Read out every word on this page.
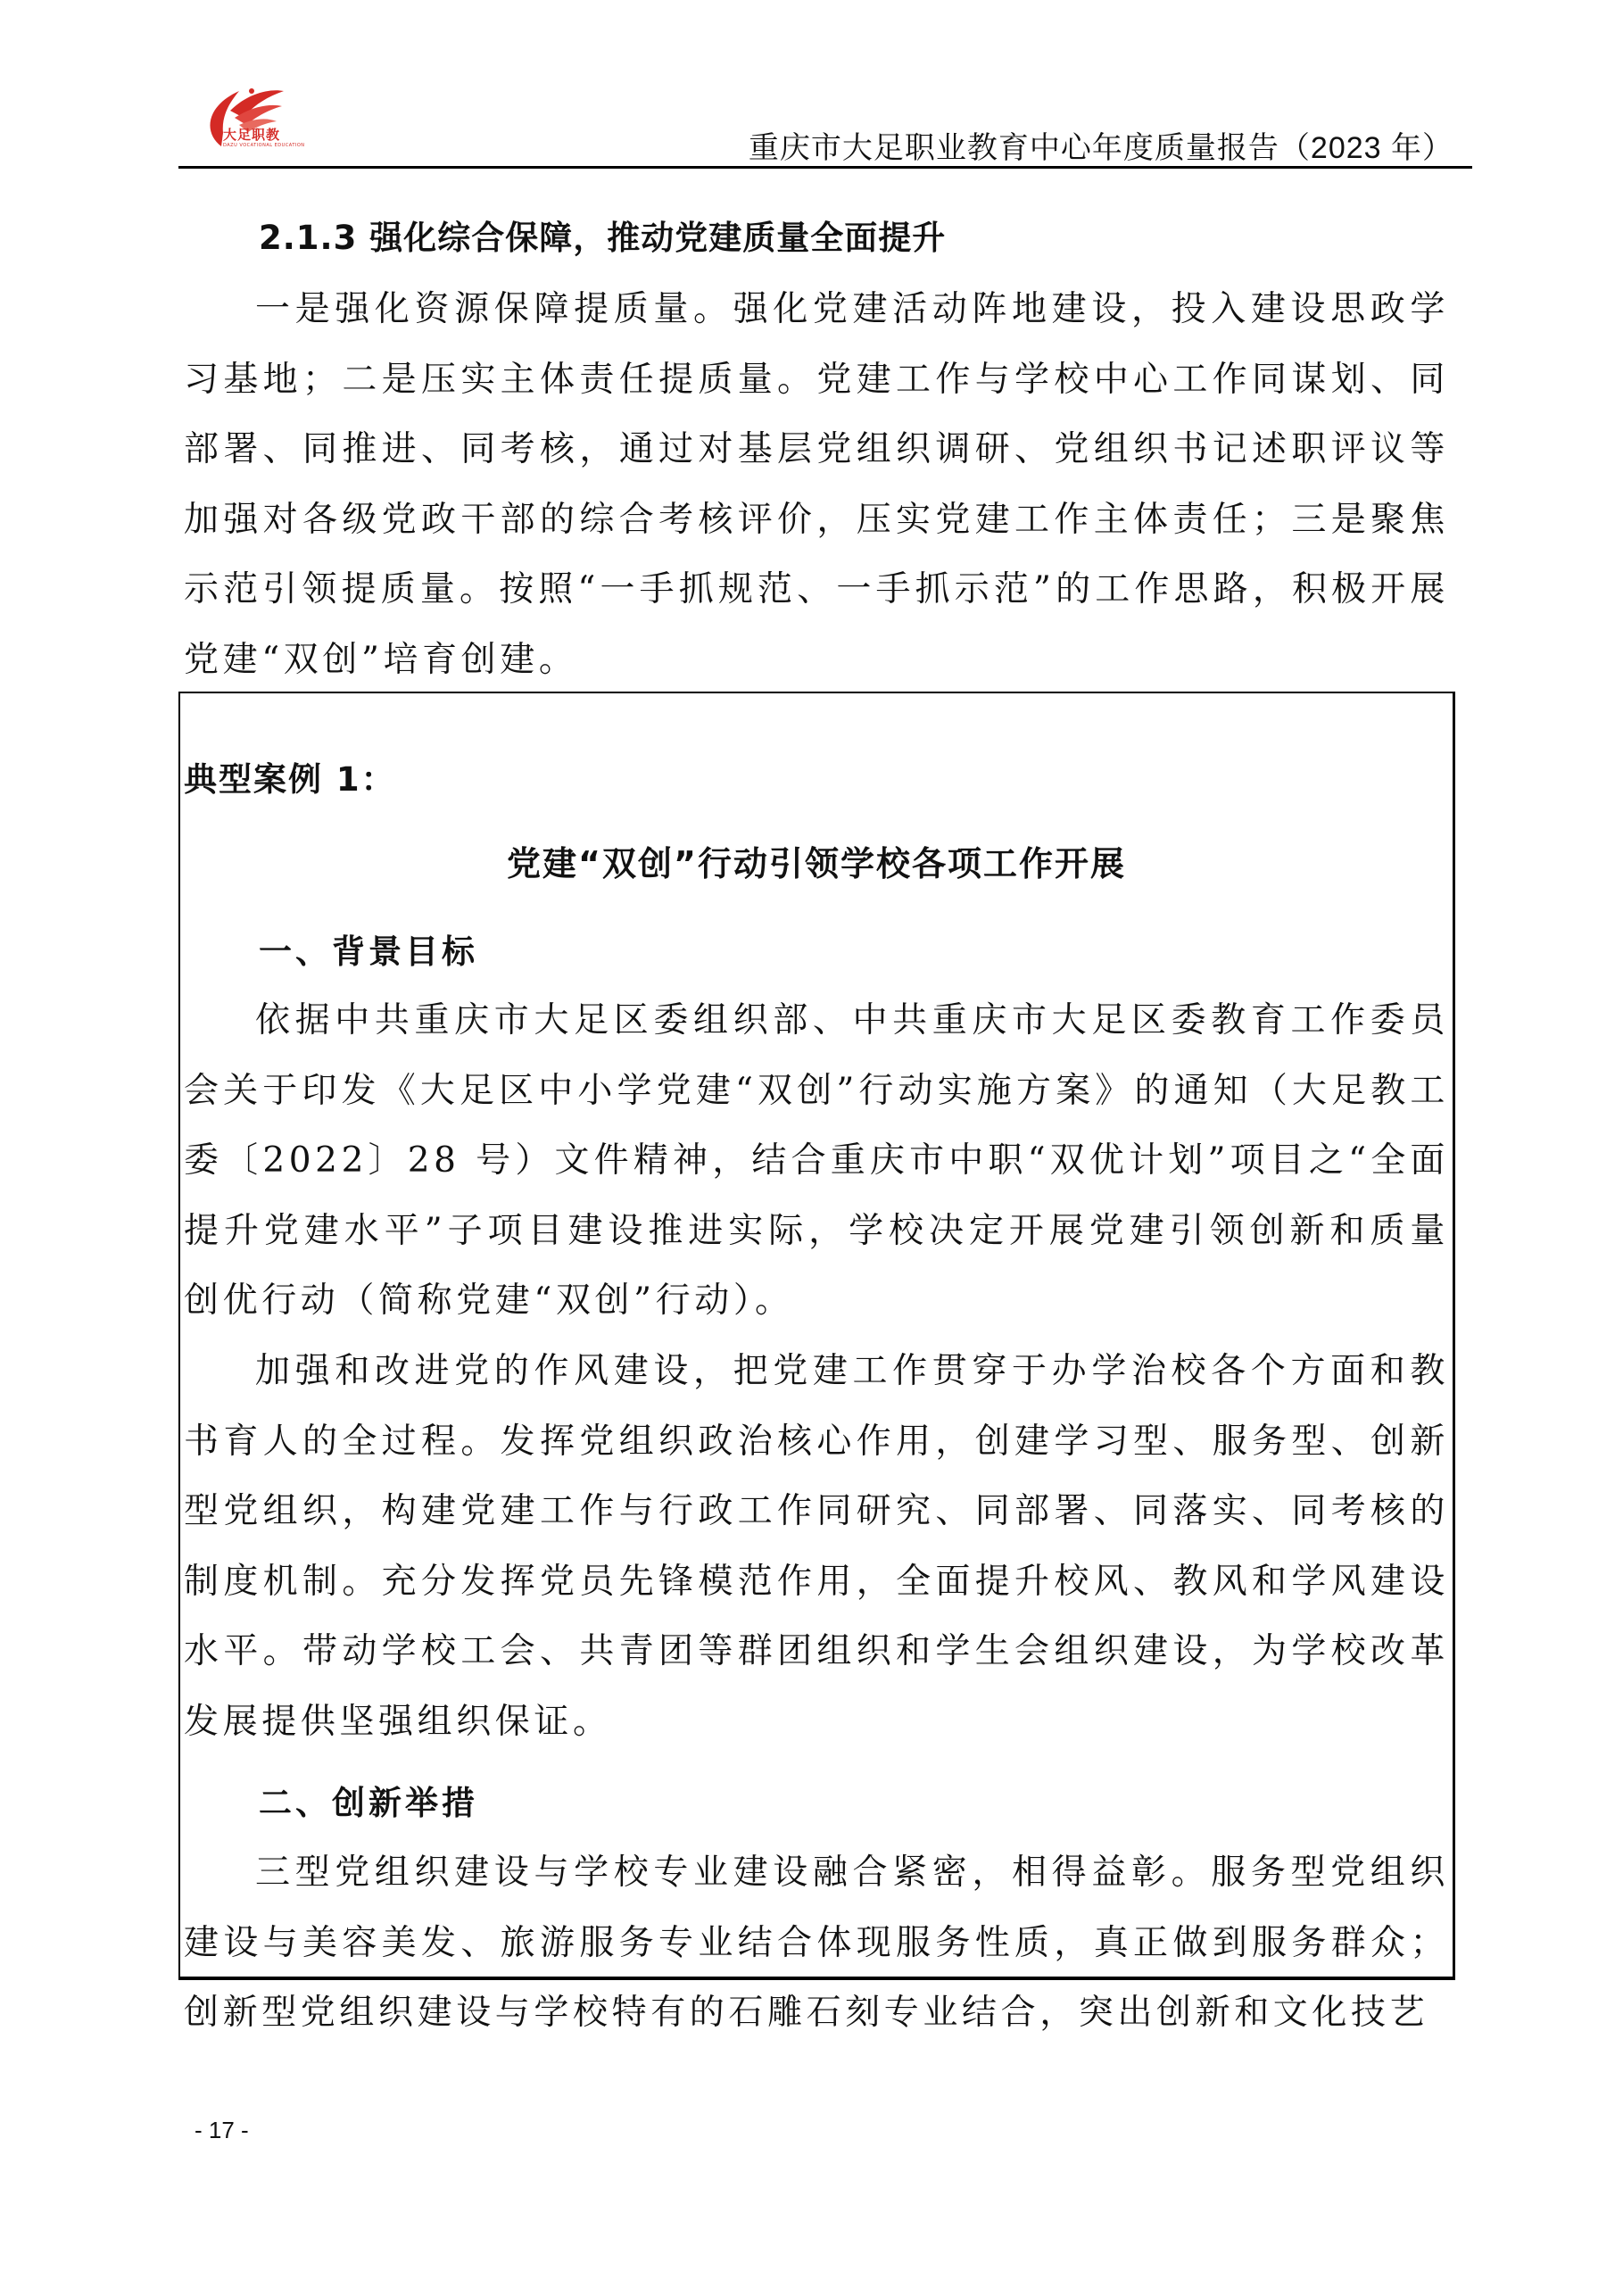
大足职教
DAZU VOCATIONAL EDUCATION	重庆市大足职业教育中心年度质量报告（2023 年）
2.1.3 强化综合保障，推动党建质量全面提升

一是强化资源保障提质量。强化党建活动阵地建设，投入建设思政学习基地；二是压实主体责任提质量。党建工作与学校中心工作同谋划、同部署、同推进、同考核，通过对基层党组织调研、党组织书记述职评议等加强对各级党政干部的综合考核评价，压实党建工作主体责任；三是聚焦示范引领提质量。按照“一手抓规范、一手抓示范”的工作思路，积极开展党建“双创”培育创建。

典型案例 1：
党建“双创”行动引领学校各项工作开展
一、背景目标

依据中共重庆市大足区委组织部、中共重庆市大足区委教育工作委员会关于印发《大足区中小学党建“双创”行动实施方案》的通知（大足教工委〔2022〕28 号）文件精神，结合重庆市中职“双优计划”项目之“全面提升党建水平”子项目建设推进实际，学校决定开展党建引领创新和质量创优行动（简称党建“双创”行动）。

加强和改进党的作风建设，把党建工作贯穿于办学治校各个方面和教书育人的全过程。发挥党组织政治核心作用，创建学习型、服务型、创新型党组织，构建党建工作与行政工作同研究、同部署、同落实、同考核的制度机制。充分发挥党员先锋模范作用，全面提升校风、教风和学风建设水平。带动学校工会、共青团等群团组织和学生会组织建设，为学校改革发展提供坚强组织保证。

二、创新举措

三型党组织建设与学校专业建设融合紧密，相得益彰。服务型党组织建设与美容美发、旅游服务专业结合体现服务性质，真正做到服务群众；创新型党组织建设与学校特有的石雕石刻专业结合，突出创新和文化技艺

- 17 -
